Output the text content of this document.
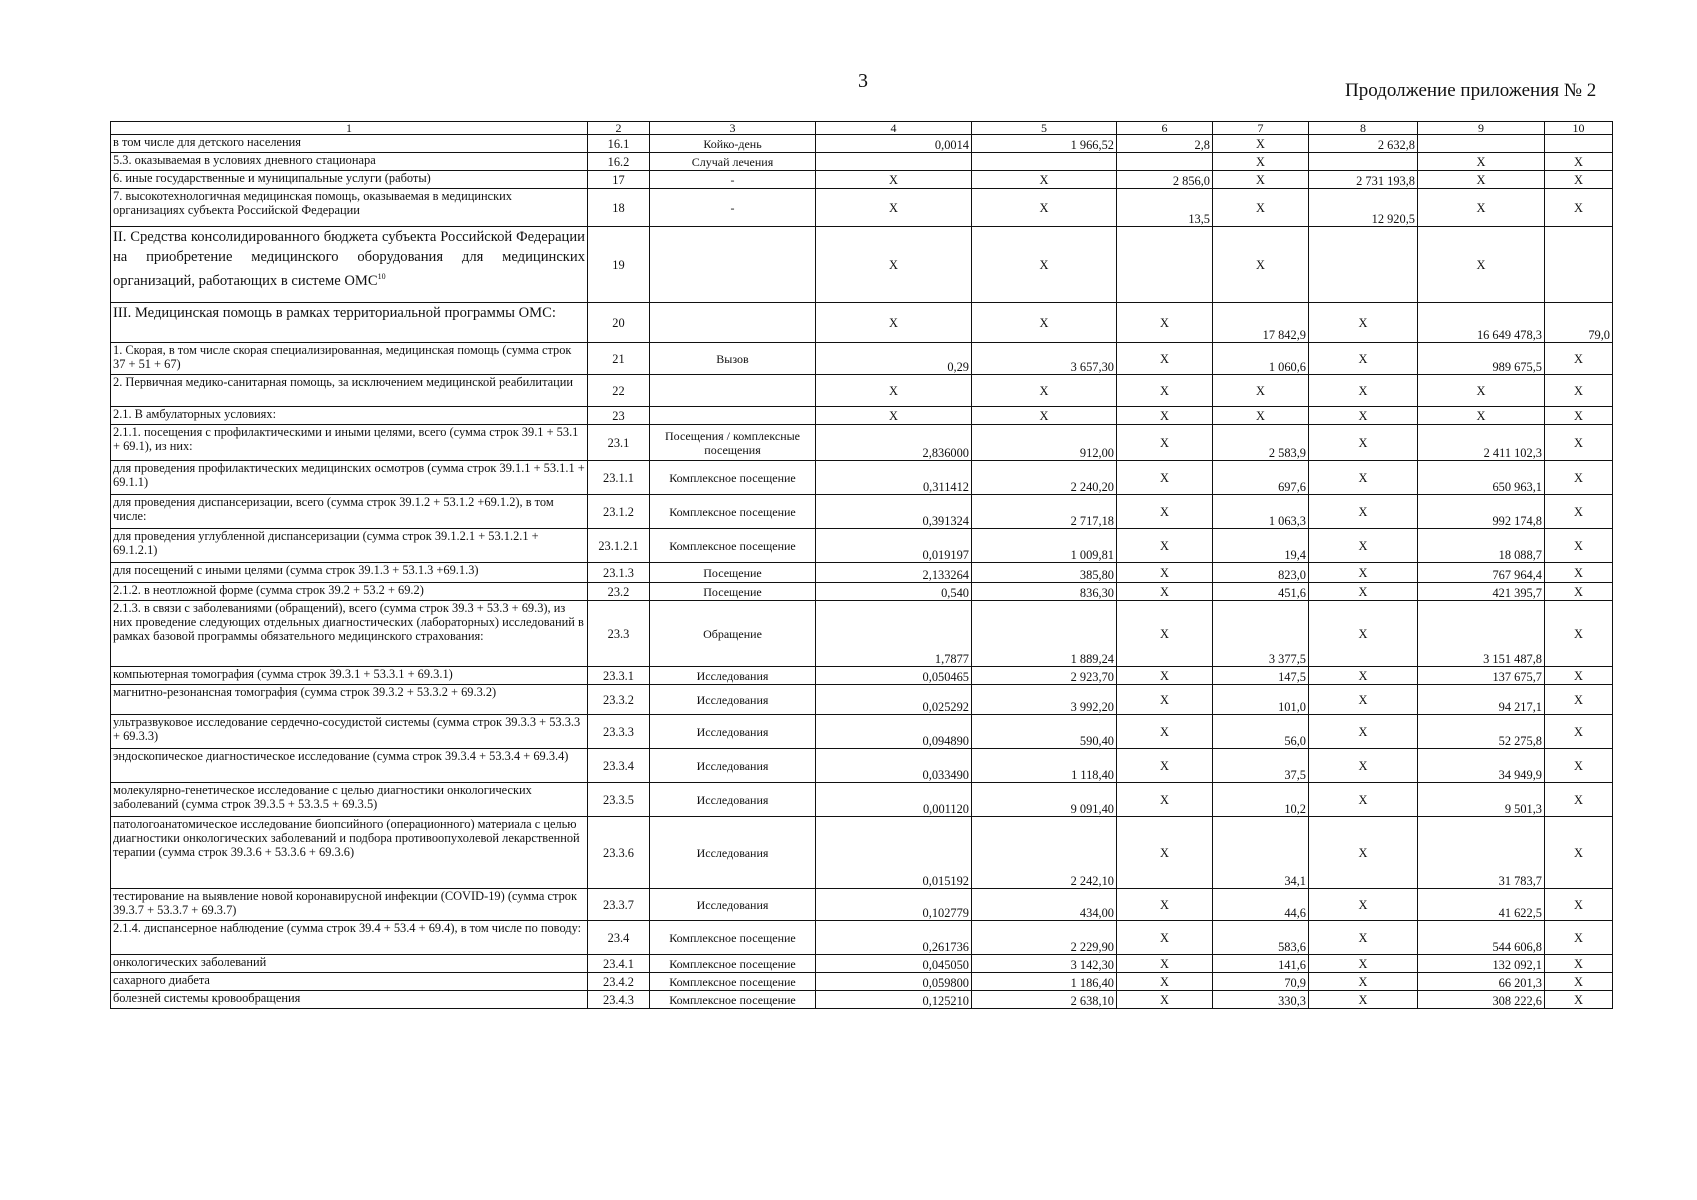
3	Продолжение приложения № 2
1	2	3	4	5	6	7	8	9	10
в том числе для детского населения	16.1	Койко-день	0,0014	1 966,52	2,8	X	2 632,8		
5.3. оказываемая в условиях дневного стационара	16.2	Случай лечения				X		X	X
6. иные государственные и муниципальные услуги (работы)	17	-	X	X	2 856,0	X	2 731 193,8	X	X
7. высокотехнологичная медицинская помощь, оказываемая в медицинских организациях субъекта Российской Федерации	18	-	X	X	13,5	X	12 920,5	X	X
II. Средства консолидированного бюджета субъекта Российской Федерации на приобретение медицинского оборудования для медицинских организаций, работающих в системе ОМС$^{10}$	19		X	X		X		X	
III. Медицинская помощь в рамках территориальной программы ОМС:	20		X	X	X	17 842,9	X	16 649 478,3	79,0
1. Скорая, в том числе скорая специализированная, медицинская помощь (сумма строк 37 + 51 + 67)	21	Вызов	0,29	3 657,30	X	1 060,6	X	989 675,5	X
2. Первичная медико-санитарная помощь, за исключением медицинской реабилитации	22		X	X	X	X	X	X	X
2.1. В амбулаторных условиях:	23		X	X	X	X	X	X	X
2.1.1. посещения с профилактическими и иными целями, всего (сумма строк 39.1 + 53.1 + 69.1), из них:	23.1	Посещения / комплексные посещения	2,836000	912,00	X	2 583,9	X	2 411 102,3	X
для проведения профилактических медицинских осмотров (сумма строк 39.1.1 + 53.1.1 + 69.1.1)	23.1.1	Комплексное посещение	0,311412	2 240,20	X	697,6	X	650 963,1	X
для проведения диспансеризации, всего (сумма строк 39.1.2 + 53.1.2 +69.1.2), в том числе:	23.1.2	Комплексное посещение	0,391324	2 717,18	X	1 063,3	X	992 174,8	X
для проведения углубленной диспансеризации (сумма строк 39.1.2.1 + 53.1.2.1 + 69.1.2.1)	23.1.2.1	Комплексное посещение	0,019197	1 009,81	X	19,4	X	18 088,7	X
для посещений с иными целями (сумма строк 39.1.3 + 53.1.3 +69.1.3)	23.1.3	Посещение	2,133264	385,80	X	823,0	X	767 964,4	X
2.1.2. в неотложной форме (сумма строк 39.2 + 53.2 + 69.2)	23.2	Посещение	0,540	836,30	X	451,6	X	421 395,7	X
2.1.3. в связи с заболеваниями (обращений), всего (сумма строк 39.3 + 53.3 + 69.3), из них проведение следующих отдельных диагностических (лабораторных) исследований в рамках базовой программы обязательного медицинского страхования:	23.3	Обращение	1,7877	1 889,24	X	3 377,5	X	3 151 487,8	X
компьютерная томография (сумма строк 39.3.1 + 53.3.1 + 69.3.1)	23.3.1	Исследования	0,050465	2 923,70	X	147,5	X	137 675,7	X
магнитно-резонансная томография (сумма строк 39.3.2 + 53.3.2 + 69.3.2)	23.3.2	Исследования	0,025292	3 992,20	X	101,0	X	94 217,1	X
ультразвуковое исследование сердечно-сосудистой системы (сумма строк 39.3.3 + 53.3.3 + 69.3.3)	23.3.3	Исследования	0,094890	590,40	X	56,0	X	52 275,8	X
эндоскопическое диагностическое исследование (сумма строк 39.3.4 + 53.3.4 + 69.3.4)	23.3.4	Исследования	0,033490	1 118,40	X	37,5	X	34 949,9	X
молекулярно-генетическое исследование с целью диагностики онкологических заболеваний (сумма строк 39.3.5 + 53.3.5 + 69.3.5)	23.3.5	Исследования	0,001120	9 091,40	X	10,2	X	9 501,3	X
патологоанатомическое исследование биопсийного (операционного) материала с целью диагностики онкологических заболеваний и подбора противоопухолевой лекарственной терапии (сумма строк 39.3.6 + 53.3.6 + 69.3.6)	23.3.6	Исследования	0,015192	2 242,10	X	34,1	X	31 783,7	X
тестирование на выявление новой коронавирусной инфекции (COVID-19) (сумма строк 39.3.7 + 53.3.7 + 69.3.7)	23.3.7	Исследования	0,102779	434,00	X	44,6	X	41 622,5	X
2.1.4. диспансерное наблюдение (сумма строк 39.4 + 53.4 + 69.4), в том числе по поводу:	23.4	Комплексное посещение	0,261736	2 229,90	X	583,6	X	544 606,8	X
онкологических заболеваний	23.4.1	Комплексное посещение	0,045050	3 142,30	X	141,6	X	132 092,1	X
сахарного диабета	23.4.2	Комплексное посещение	0,059800	1 186,40	X	70,9	X	66 201,3	X
болезней системы кровообращения	23.4.3	Комплексное посещение	0,125210	2 638,10	X	330,3	X	308 222,6	X
